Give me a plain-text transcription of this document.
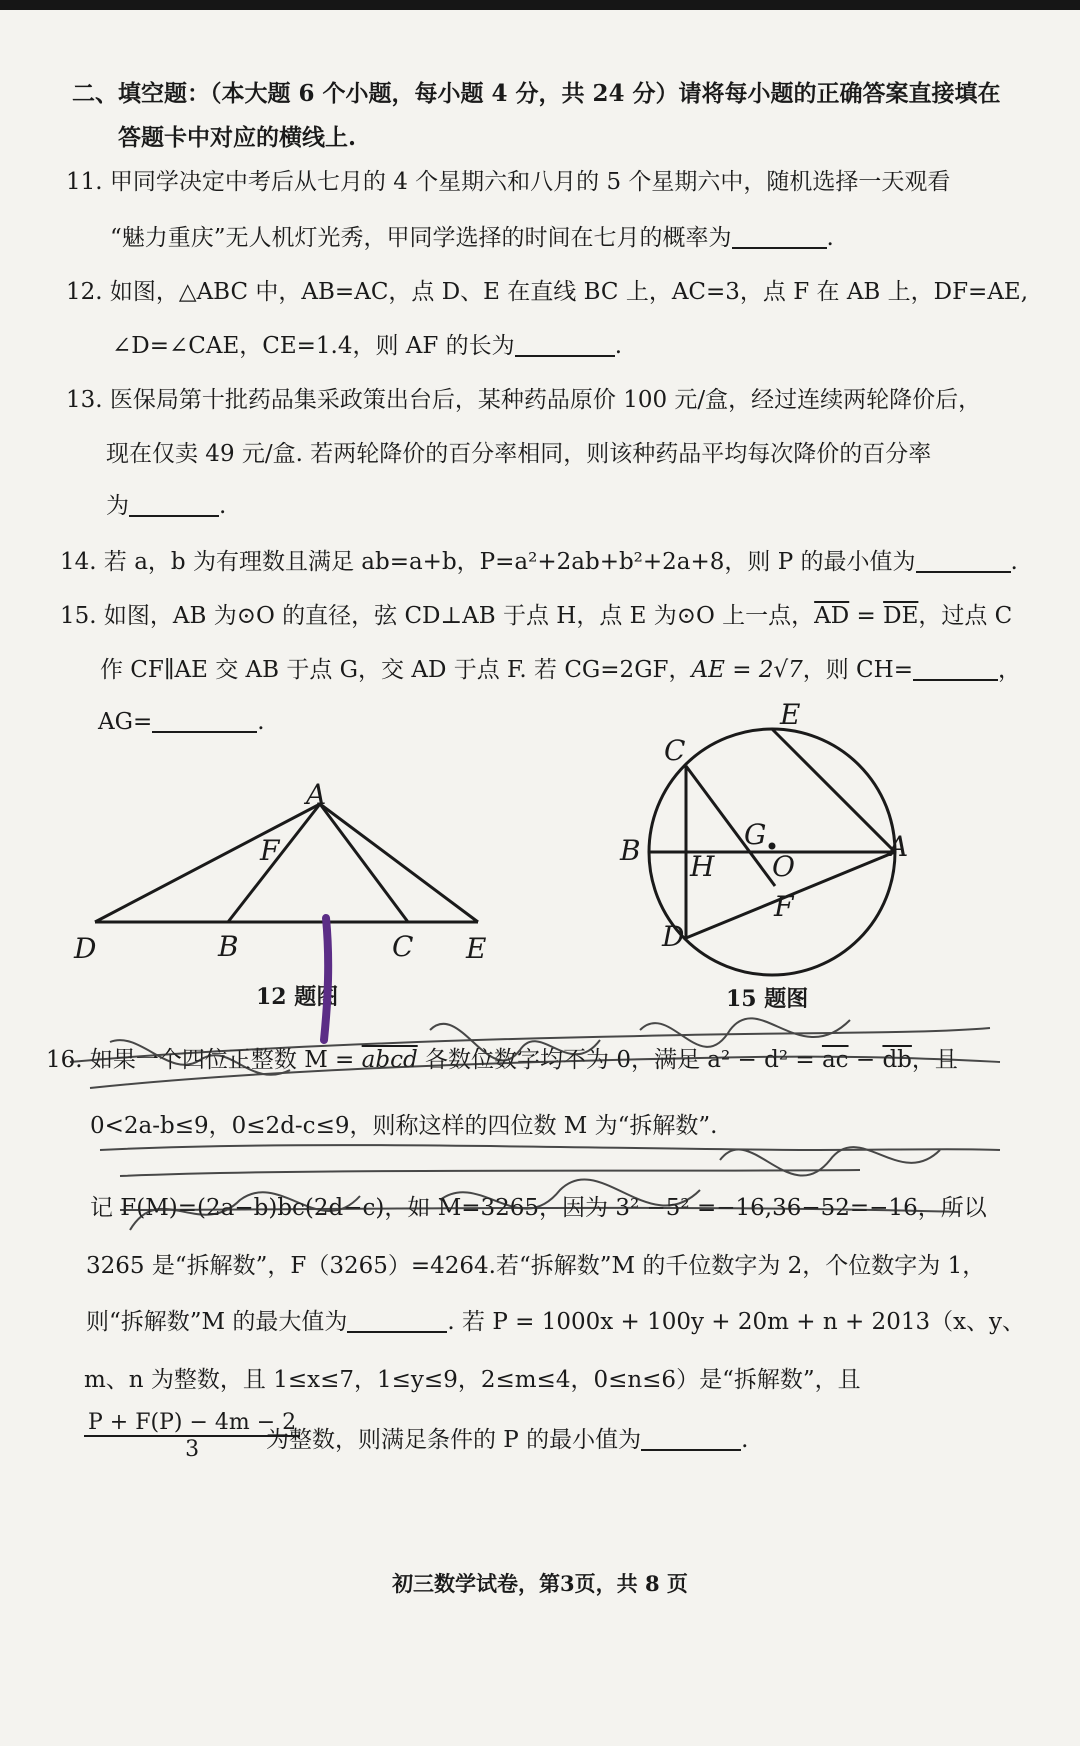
二、填空题：（本大题 6 个小题，每小题 4 分，共 24 分）请将每小题的正确答案直接填在
答题卡中对应的横线上.
11. 甲同学决定中考后从七月的 4 个星期六和八月的 5 个星期六中，随机选择一天观看
“魅力重庆”无人机灯光秀，甲同学选择的时间在七月的概率为	.
12. 如图，△ABC 中，AB=AC，点 D、E 在直线 BC 上，AC=3，点 F 在 AB 上，DF=AE,
∠D=∠CAE，CE=1.4，则 AF 的长为	.
13. 医保局第十批药品集采政策出台后，某种药品原价 100 元/盒，经过连续两轮降价后，
现在仅卖 49 元/盒. 若两轮降价的百分率相同，则该种药品平均每次降价的百分率
为	.
14. 若 a，b 为有理数且满足 ab=a+b，P=a²+2ab+b²+2a+8，则 P 的最小值为	.
15. 如图，AB 为⊙O 的直径，弦 CD⊥AB 于点 H，点 E 为⊙O 上一点，$\overline{AD} = \overline{DE}$，过点 C
作 CF∥AE 交 AB 于点 G，交 AD 于点 F. 若 CG=2GF，AE = 2√7，则 CH=	，
AG=	.
A
F
D	B	C E
12 题图
C
E
B	G
H O
A
F
D
15 题图
16. 如果一个四位正整数 M = abcd 各数位数字均不为 0，满足 $a^2 - d^2 = \overline{ac} - \overline{db}$，且
0<2a-b≤9，0≤2d-c≤9，则称这样的四位数 M 为“拆解数”.
记 F(M)=(2a−b)bc(2d−c)，如 M=3265，因为 3² −5² =−16,36−52=−16，所以
3265 是“拆解数”，F（3265）=4264.若“拆解数”M 的千位数字为 2，个位数字为 1，
则“拆解数”M 的最大值为	. 若 P = 1000x + 100y + 20m + n + 2013（x、y、
m、n 为整数，且 1≤x≤7，1≤y≤9，2≤m≤4，0≤n≤6）是“拆解数”，且
$\frac{P + F(P) - 4m - 2}{3}$
为整数，则满足条件的 P 的最小值为	.
初三数学试卷，第3页，共 8 页
